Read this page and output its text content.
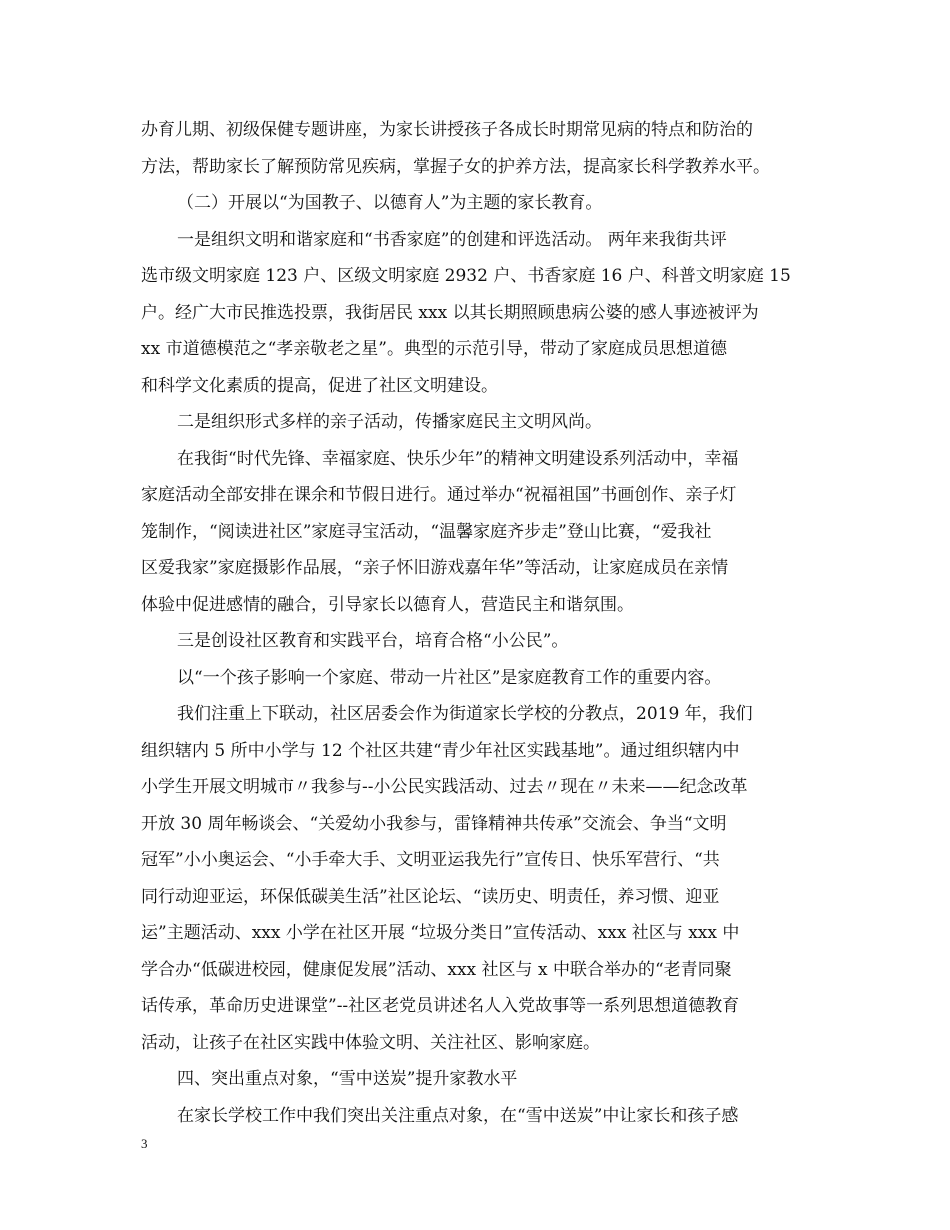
办育儿期、初级保健专题讲座，为家长讲授孩子各成长时期常见病的特点和防治的
方法，帮助家长了解预防常见疾病，掌握子女的护养方法，提高家长科学教养水平。
（二）开展以“为国教子、以德育人”为主题的家长教育。
一是组织文明和谐家庭和“书香家庭”的创建和评选活动。 两年来我街共评
选市级文明家庭 123 户、区级文明家庭 2932 户、书香家庭 16 户、科普文明家庭 15
户。经广大市民推选投票，我街居民 xxx 以其长期照顾患病公婆的感人事迹被评为
xx 市道德模范之“孝亲敬老之星”。典型的示范引导，带动了家庭成员思想道德
和科学文化素质的提高，促进了社区文明建设。
二是组织形式多样的亲子活动，传播家庭民主文明风尚。
在我街“时代先锋、幸福家庭、快乐少年”的精神文明建设系列活动中，幸福
家庭活动全部安排在课余和节假日进行。通过举办“祝福祖国”书画创作、亲子灯
笼制作，“阅读进社区”家庭寻宝活动，“温馨家庭齐步走”登山比赛，“爱我社
区爱我家”家庭摄影作品展，“亲子怀旧游戏嘉年华”等活动，让家庭成员在亲情
体验中促进感情的融合，引导家长以德育人，营造民主和谐氛围。
三是创设社区教育和实践平台，培育合格“小公民”。
以“一个孩子影响一个家庭、带动一片社区”是家庭教育工作的重要内容。
我们注重上下联动，社区居委会作为街道家长学校的分教点，2019 年，我们
组织辖内 5 所中小学与 12 个社区共建“青少年社区实践基地”。通过组织辖内中
小学生开展文明城市〃我参与--小公民实践活动、过去〃现在〃未来——纪念改革
开放 30 周年畅谈会、“关爱幼小我参与，雷锋精神共传承”交流会、争当“文明
冠军”小小奥运会、“小手牵大手、文明亚运我先行”宣传日、快乐军营行、“共
同行动迎亚运，环保低碳美生活”社区论坛、“读历史、明责任，养习惯、迎亚
运”主题活动、xxx 小学在社区开展 “垃圾分类日”宣传活动、xxx 社区与 xxx 中
学合办“低碳进校园，健康促发展”活动、xxx 社区与 x 中联合举办的“老青同聚
话传承，革命历史进课堂”--社区老党员讲述名人入党故事等一系列思想道德教育
活动，让孩子在社区实践中体验文明、关注社区、影响家庭。
四、突出重点对象，“雪中送炭”提升家教水平
在家长学校工作中我们突出关注重点对象，在“雪中送炭”中让家长和孩子感
3
